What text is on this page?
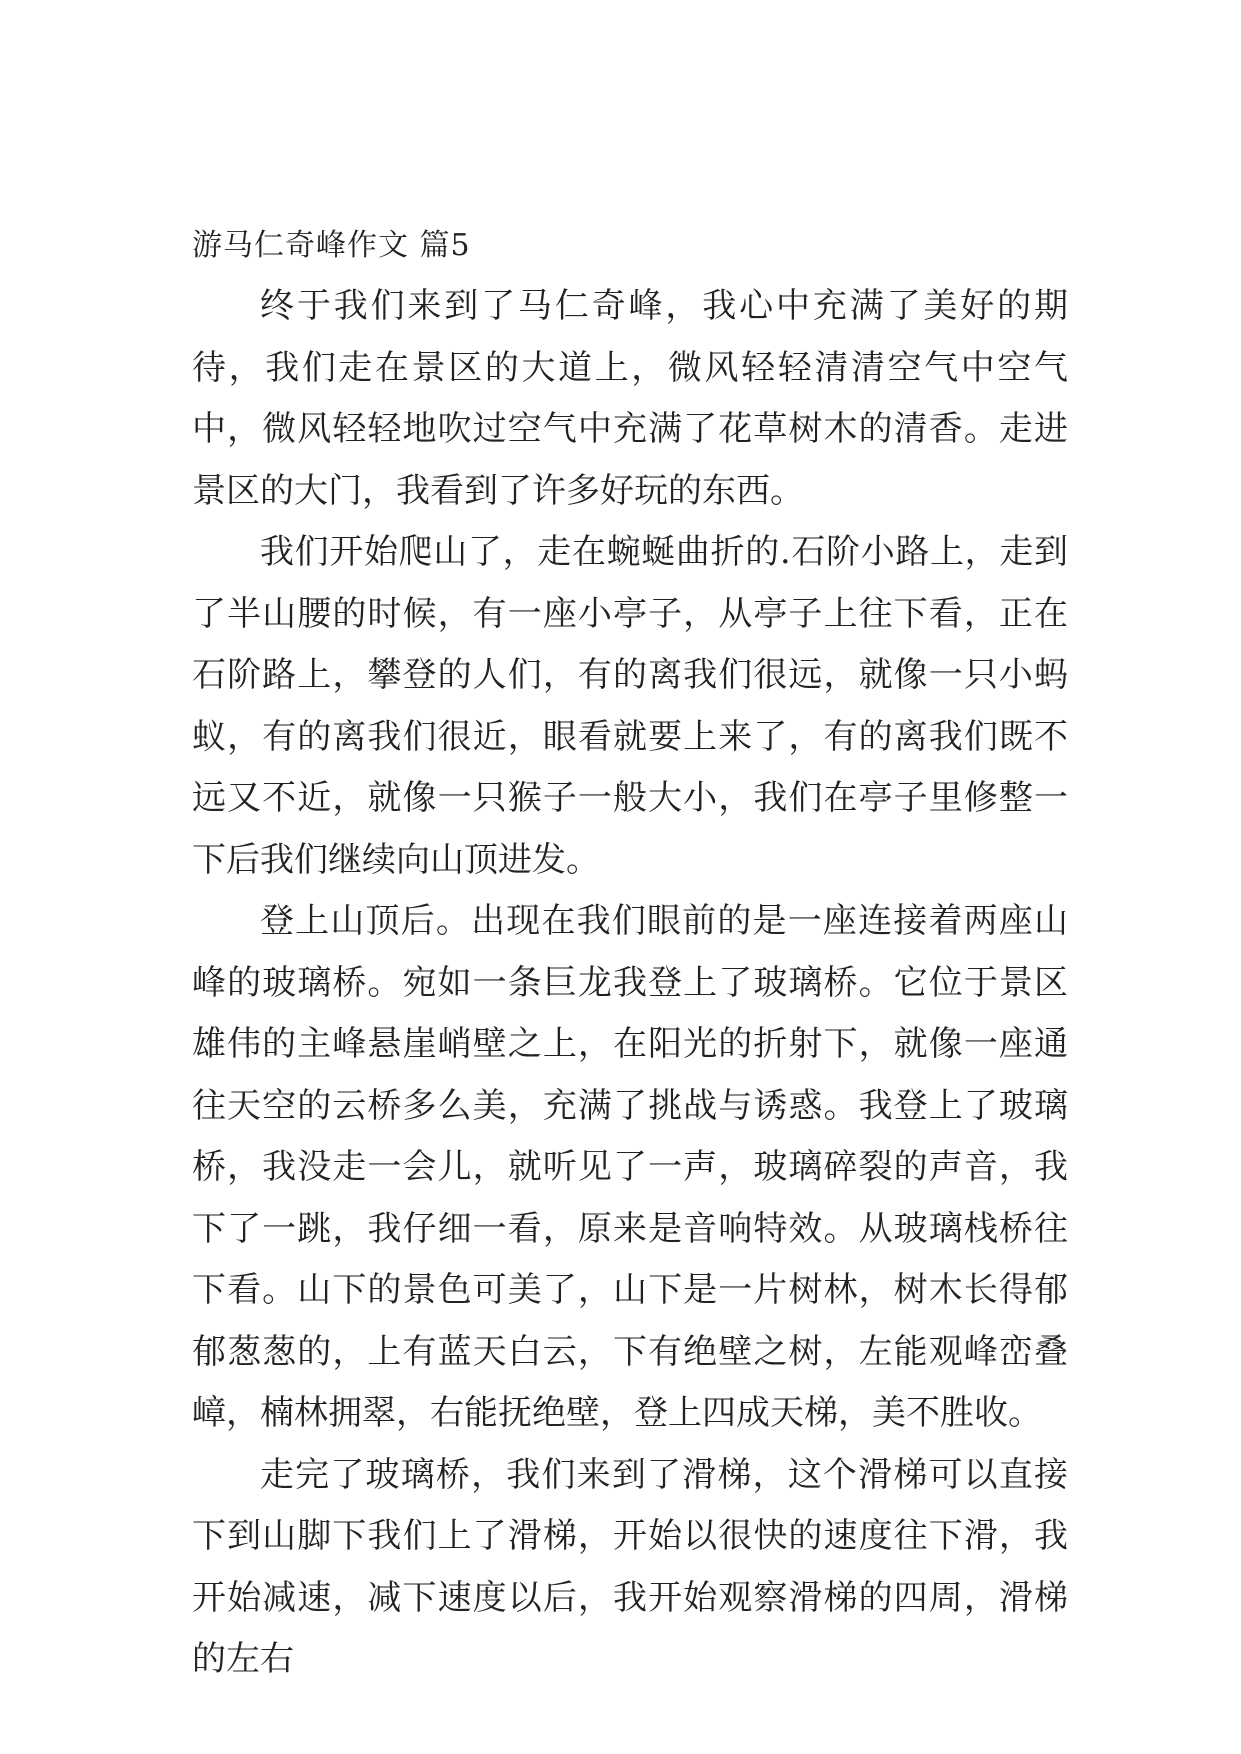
游马仁奇峰作文 篇5

终于我们来到了马仁奇峰，我心中充满了美好的期待，我们走在景区的大道上，微风轻轻清清空气中空气中，微风轻轻地吹过空气中充满了花草树木的清香。走进景区的大门，我看到了许多好玩的东西。

我们开始爬山了，走在蜿蜒曲折的.石阶小路上，走到了半山腰的时候，有一座小亭子，从亭子上往下看，正在石阶路上，攀登的人们，有的离我们很远，就像一只小蚂蚁，有的离我们很近，眼看就要上来了，有的离我们既不远又不近，就像一只猴子一般大小，我们在亭子里修整一下后我们继续向山顶进发。

登上山顶后。出现在我们眼前的是一座连接着两座山峰的玻璃桥。宛如一条巨龙我登上了玻璃桥。它位于景区雄伟的主峰悬崖峭壁之上，在阳光的折射下，就像一座通往天空的云桥多么美，充满了挑战与诱惑。我登上了玻璃桥，我没走一会儿，就听见了一声，玻璃碎裂的声音，我下了一跳，我仔细一看，原来是音响特效。从玻璃栈桥往下看。山下的景色可美了，山下是一片树林，树木长得郁郁葱葱的，上有蓝天白云，下有绝壁之树，左能观峰峦叠嶂，楠林拥翠，右能抚绝壁，登上四成天梯，美不胜收。

走完了玻璃桥，我们来到了滑梯，这个滑梯可以直接下到山脚下我们上了滑梯，开始以很快的速度往下滑，我开始减速，减下速度以后，我开始观察滑梯的四周，滑梯的左右
